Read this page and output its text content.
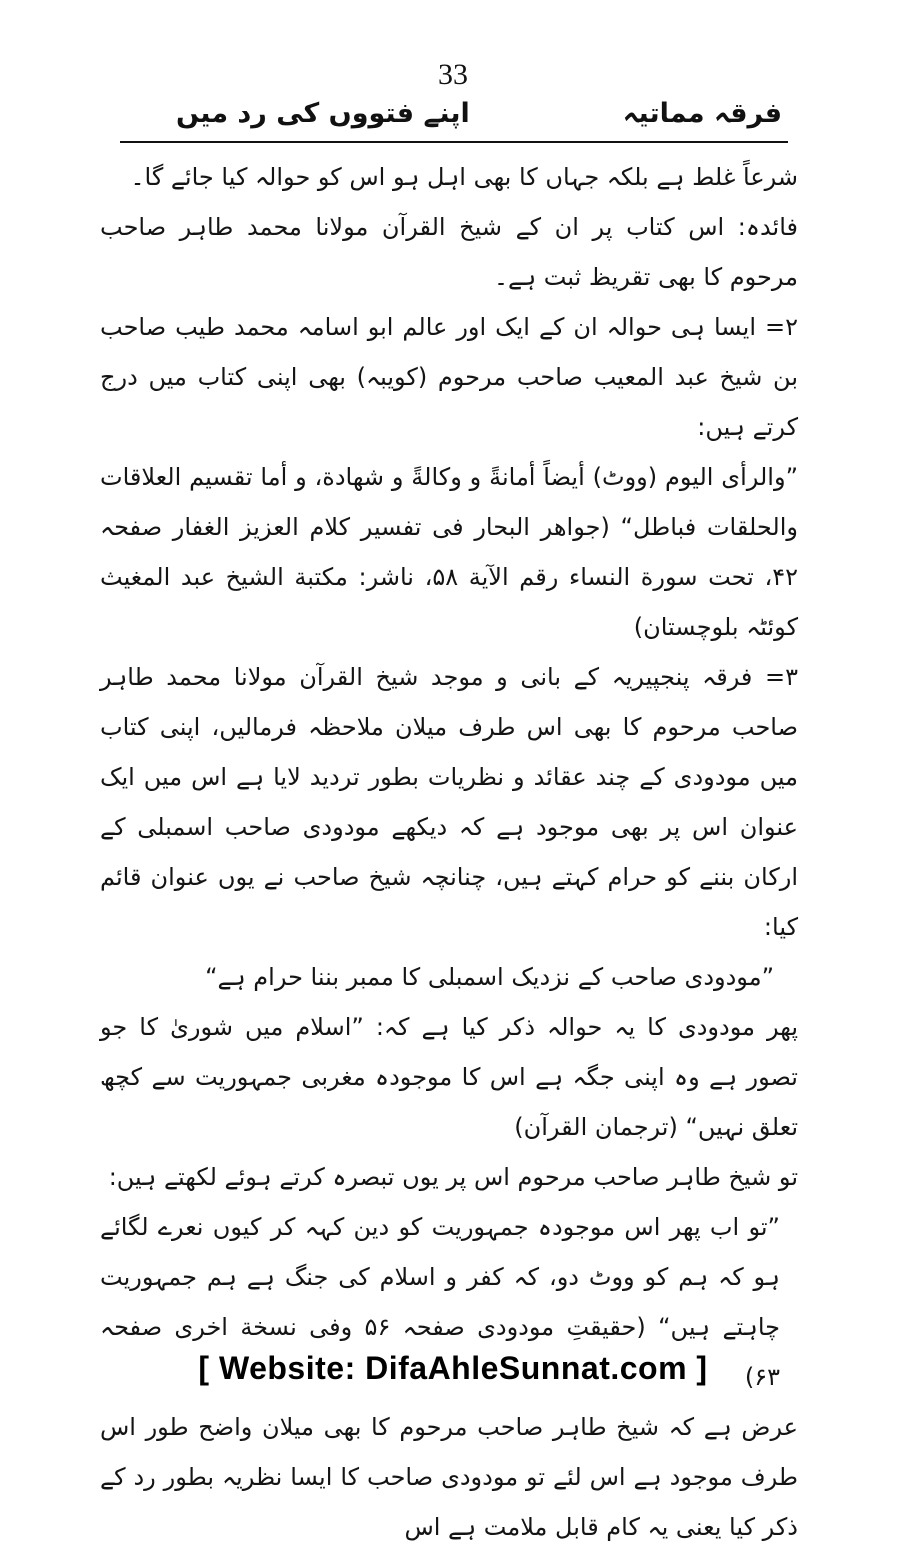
33
فرقہ مماتیہ
اپنے فتووں کی رد میں

شرعاً غلط ہے بلکہ جہاں کا بھی اہل ہو اس کو حوالہ کیا جائے گا۔

فائدہ: اس کتاب پر ان کے شیخ القرآن مولانا محمد طاہر صاحب مرحوم کا بھی تقریظ ثبت ہے۔

۲= ایسا ہی حوالہ ان کے ایک اور عالم ابو اسامہ محمد طیب صاحب بن شیخ عبد المعیب صاحب مرحوم (کویبہ) بھی اپنی کتاب میں درج کرتے ہیں:

”والرأی الیوم (ووٹ) أیضاً أمانةً و وکالةً و شهادة، و أما تقسیم العلاقات والحلقات فباطل“ (جواھر البحار فی تفسیر کلام العزیز الغفار صفحہ ۴۲، تحت سورة النساء رقم الآیة ۵۸، ناشر: مکتبة الشیخ عبد المغیث کوئٹہ بلوچستان)

۳= فرقہ پنجپیریہ کے بانی و موجد شیخ القرآن مولانا محمد طاہر صاحب مرحوم کا بھی اس طرف میلان ملاحظہ فرمالیں، اپنی کتاب میں مودودی کے چند عقائد و نظریات بطور تردید لایا ہے اس میں ایک عنوان اس پر بھی موجود ہے کہ دیکھے مودودی صاحب اسمبلی کے ارکان بننے کو حرام کہتے ہیں، چنانچہ شیخ صاحب نے یوں عنوان قائم کیا:

”مودودی صاحب کے نزدیک اسمبلی کا ممبر بننا حرام ہے“

پھر مودودی کا یہ حوالہ ذکر کیا ہے کہ: ”اسلام میں شوریٰ کا جو تصور ہے وہ اپنی جگہ ہے اس کا موجودہ مغربی جمہوریت سے کچھ تعلق نہیں“ (ترجمان القرآن)

تو شیخ طاہر صاحب مرحوم اس پر یوں تبصرہ کرتے ہوئے لکھتے ہیں:

”تو اب پھر اس موجودہ جمہوریت کو دین کہہ کر کیوں نعرے لگائے ہو کہ ہم کو ووٹ دو، کہ کفر و اسلام کی جنگ ہے ہم جمہوریت چاہتے ہیں“ (حقیقتِ مودودی صفحہ ۵۶ وفی نسخة اخری صفحہ ۶۳)

عرض ہے کہ شیخ طاہر صاحب مرحوم کا بھی میلان واضح طور اس طرف موجود ہے اس لئے تو مودودی صاحب کا ایسا نظریہ بطور رد کے ذکر کیا یعنی یہ کام قابل ملامت ہے اس

[ Website: DifaAhleSunnat.com ]
